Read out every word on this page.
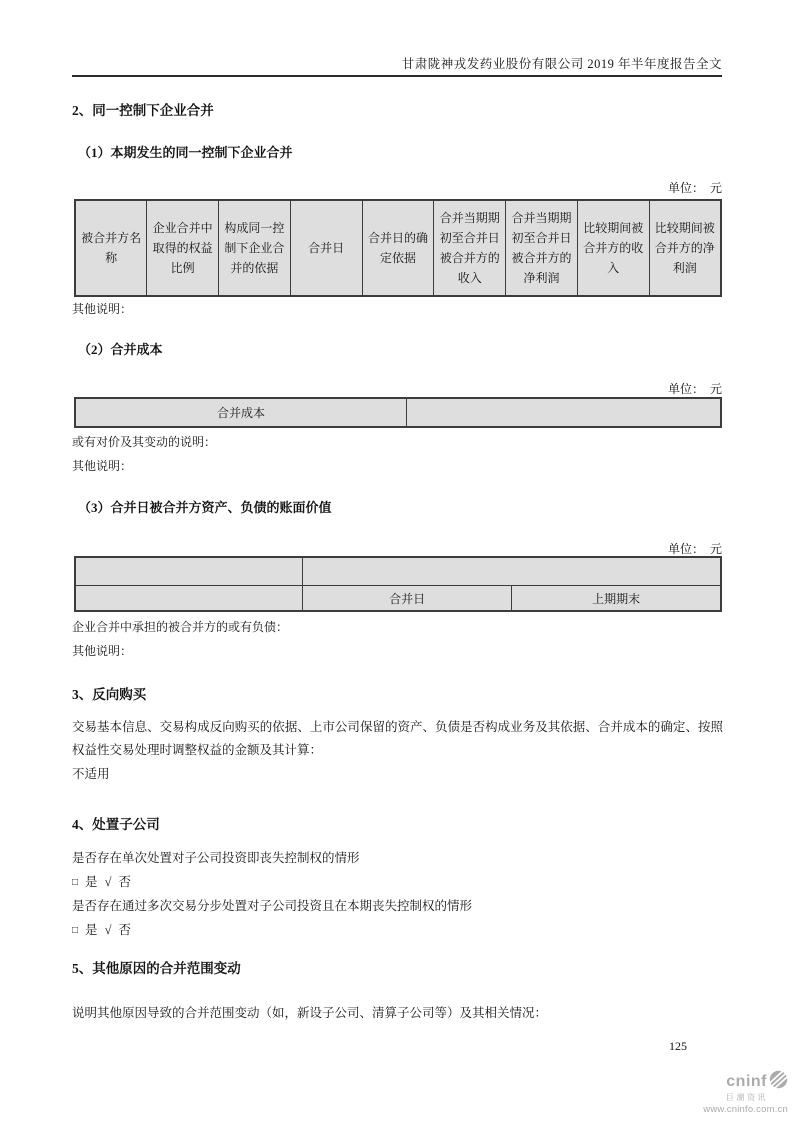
甘肃陇神戎发药业股份有限公司 2019 年半年度报告全文
2、同一控制下企业合并
（1）本期发生的同一控制下企业合并
单位：　元
被合并方名称	企业合并中取得的权益比例	构成同一控制下企业合并的依据	合并日	合并日的确定依据	合并当期期初至合并日被合并方的收入	合并当期期初至合并日被合并方的净利润	比较期间被合并方的收入	比较期间被合并方的净利润
其他说明：
（2）合并成本
单位：　元
合并成本	
或有对价及其变动的说明：
其他说明：
（3）合并日被合并方资产、负债的账面价值
单位：　元

	合并日	上期期末
企业合并中承担的被合并方的或有负债：
其他说明：
3、反向购买
交易基本信息、交易构成反向购买的依据、上市公司保留的资产、负债是否构成业务及其依据、合并成本的确定、按照权益性交易处理时调整权益的金额及其计算：
不适用
4、处置子公司
是否存在单次处置对子公司投资即丧失控制权的情形
□ 是 √ 否
是否存在通过多次交易分步处置对子公司投资且在本期丧失控制权的情形
□ 是 √ 否
5、其他原因的合并范围变动
说明其他原因导致的合并范围变动（如，新设子公司、清算子公司等）及其相关情况：
125
cninf
巨潮资讯
www.cninfo.com.cn
